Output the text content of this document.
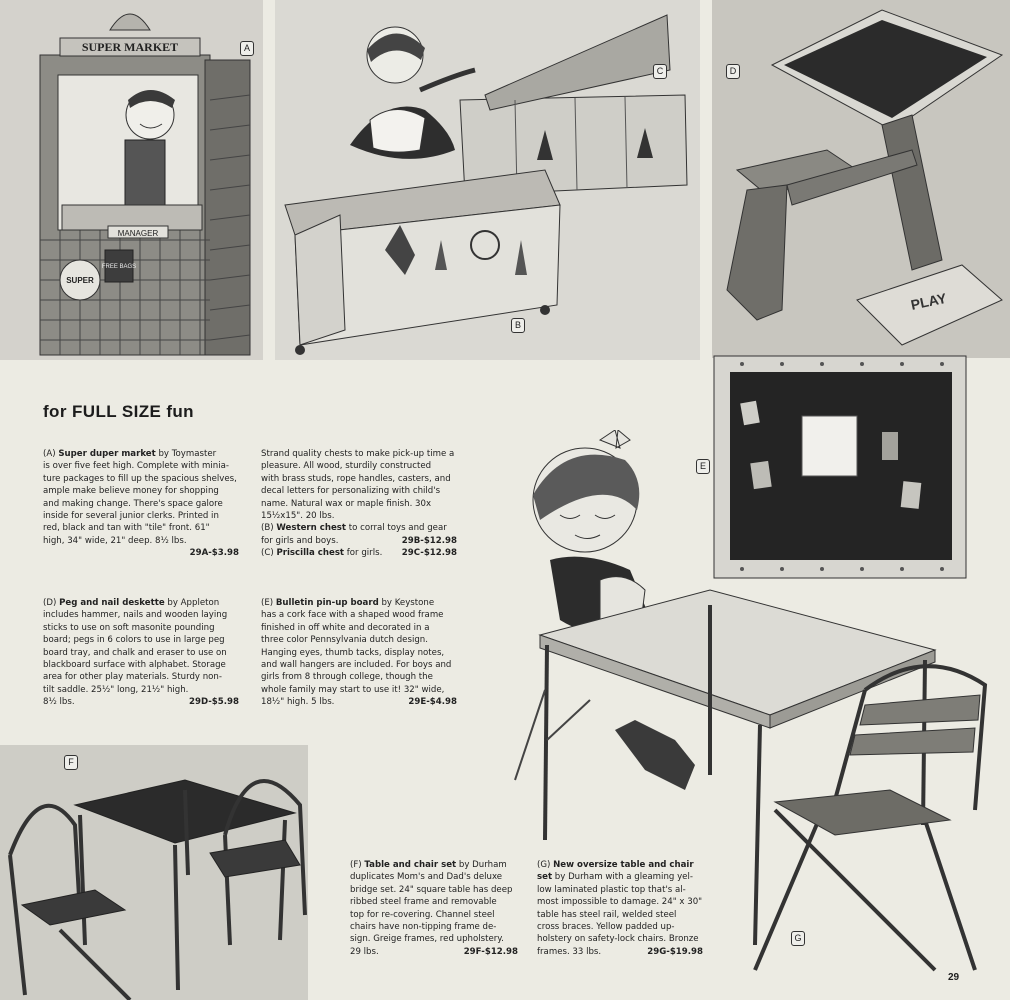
SUPER MARKET
MANAGER
SUPER
FREE BAGS
A
C
B
PLAY
D
E
for FULL SIZE fun

(A) Super duper market by Toymaster

is over five feet high. Complete with minia-

ture packages to fill up the spacious shelves,

ample make believe money for shopping

and making change. There's space galore

inside for several junior clerks. Printed in

red, black and tan with "tile" front. 61"

high, 34" wide, 21" deep. 8½ lbs.

29A-$3.98

Strand quality chests to make pick-up time a

pleasure. All wood, sturdily constructed

with brass studs, rope handles, casters, and

decal letters for personalizing with child's

name. Natural wax or maple finish. 30x

15½x15". 20 lbs.

(B) Western chest to corral toys and gear

for girls and boys.	29B-$12.98

(C) Priscilla chest for girls. 29C-$12.98

(D) Peg and nail deskette by Appleton

includes hammer, nails and wooden laying

sticks to use on soft masonite pounding

board; pegs in 6 colors to use in large peg

board tray, and chalk and eraser to use on

blackboard surface with alphabet. Storage

area for other play materials. Sturdy non-

tilt saddle. 25½" long, 21½" high.

8½ lbs.	29D-$5.98

(E) Bulletin pin-up board by Keystone

has a cork face with a shaped wood frame

finished in off white and decorated in a

three color Pennsylvania dutch design.

Hanging eyes, thumb tacks, display notes,

and wall hangers are included. For boys and

girls from 8 through college, though the

whole family may start to use it! 32" wide,

18½" high. 5 lbs.	29E-$4.98

G
F

(F) Table and chair set by Durham

duplicates Mom's and Dad's deluxe

bridge set. 24" square table has deep

ribbed steel frame and removable

top for re-covering. Channel steel

chairs have non-tipping frame de-

sign. Greige frames, red upholstery.

29 lbs.	29F-$12.98

(G) New oversize table and chair

set by Durham with a gleaming yel-

low laminated plastic top that's al-

most impossible to damage. 24" x 30"

table has steel rail, welded steel

cross braces. Yellow padded up-

holstery on safety-lock chairs. Bronze

frames. 33 lbs.	29G-$19.98

29
